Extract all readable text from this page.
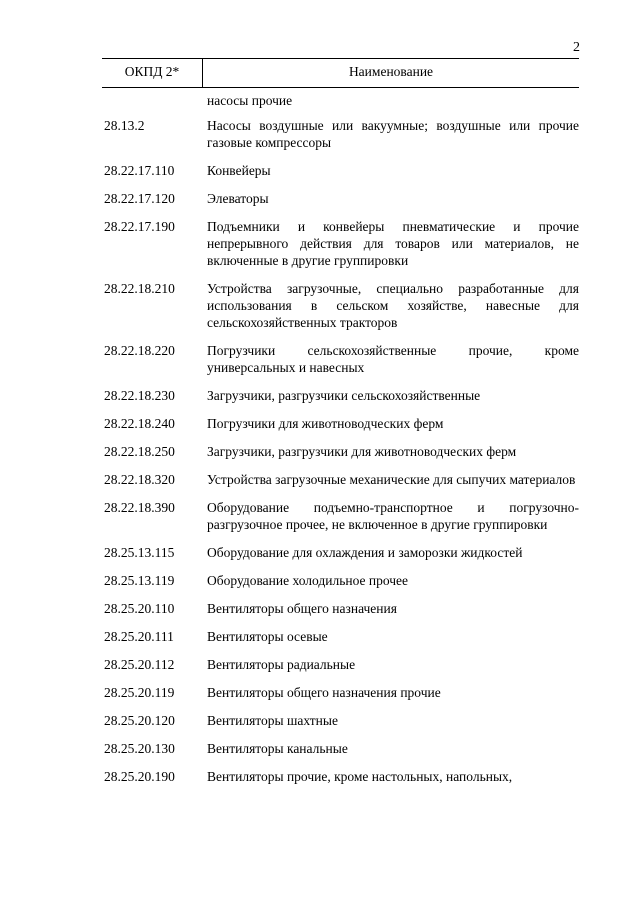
2
ОКПД 2*	Наименование
насосы прочие
28.13.2	Насосы воздушные или вакуумные; воздушные или прочие газовые компрессоры
28.22.17.110	Конвейеры
28.22.17.120	Элеваторы
28.22.17.190	Подъемники и конвейеры пневматические и прочие непрерывного действия для товаров или материалов, не включенные в другие группировки
28.22.18.210	Устройства загрузочные, специально разработанные для использования в сельском хозяйстве, навесные для сельскохозяйственных тракторов
28.22.18.220	Погрузчики сельскохозяйственные прочие, кроме универсальных и навесных
28.22.18.230	Загрузчики, разгрузчики сельскохозяйственные
28.22.18.240	Погрузчики для животноводческих ферм
28.22.18.250	Загрузчики, разгрузчики для животноводческих ферм
28.22.18.320	Устройства загрузочные механические для сыпучих материалов
28.22.18.390	Оборудование подъемно-транспортное и погрузочно-разгрузочное прочее, не включенное в другие группировки
28.25.13.115	Оборудование для охлаждения и заморозки жидкостей
28.25.13.119	Оборудование холодильное прочее
28.25.20.110	Вентиляторы общего назначения
28.25.20.111	Вентиляторы осевые
28.25.20.112	Вентиляторы радиальные
28.25.20.119	Вентиляторы общего назначения прочие
28.25.20.120	Вентиляторы шахтные
28.25.20.130	Вентиляторы канальные
28.25.20.190	Вентиляторы прочие, кроме настольных, напольных,
